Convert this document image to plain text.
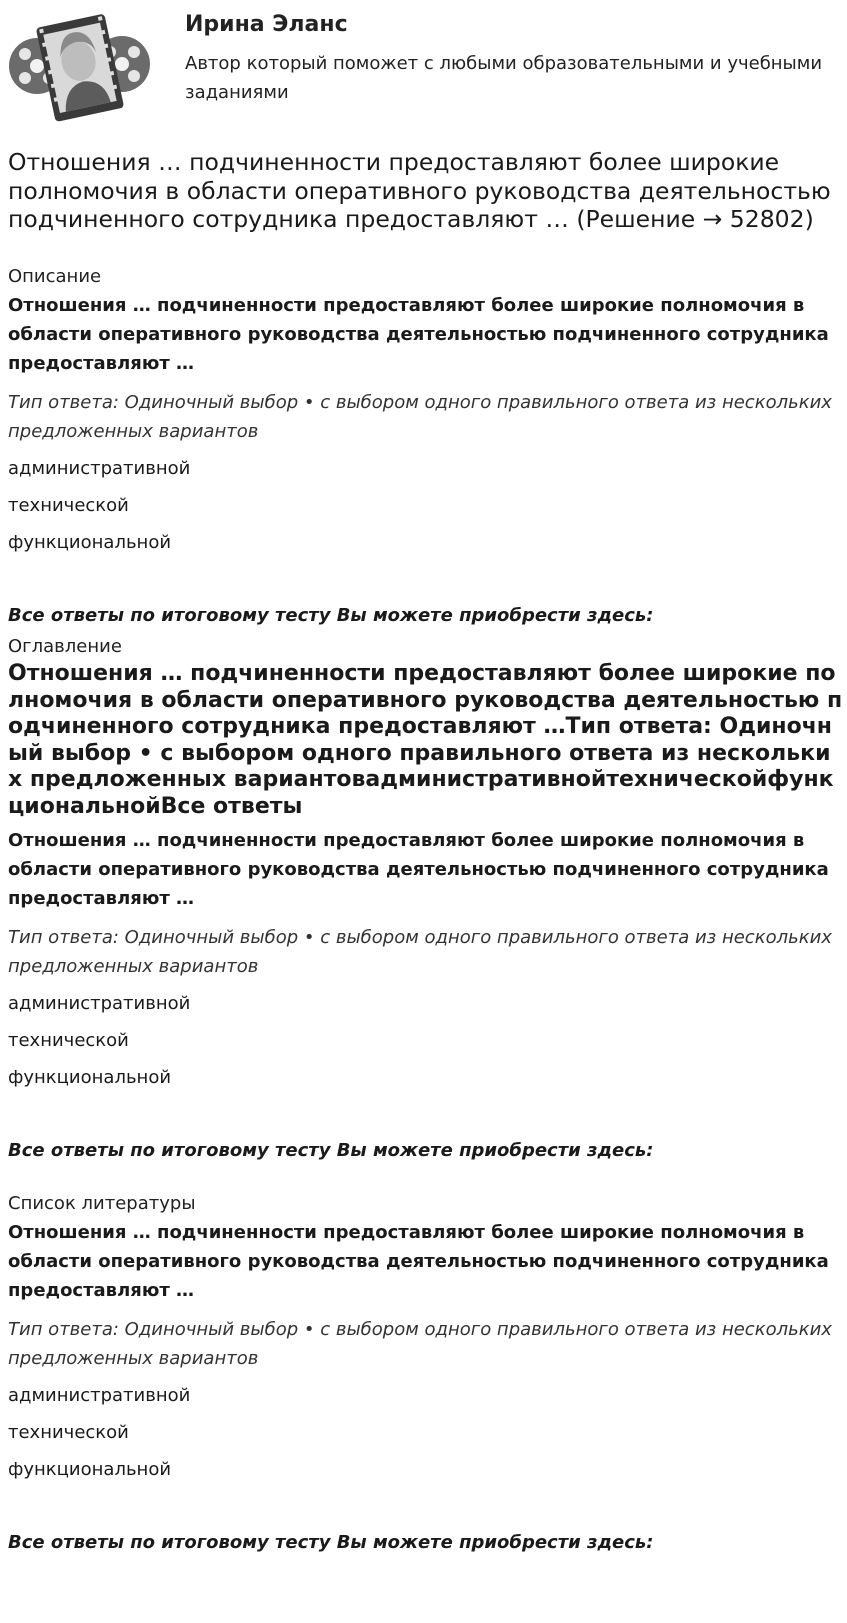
Ирина Эланс

Автор который поможет с любыми образовательными и учебными заданиями

Отношения … подчиненности предоставляют более широкие полномочия в области оперативного руководства деятельностью подчиненного сотрудника предоставляют … (Решение → 52802)

Описание

Отношения … подчиненности предоставляют более широкие полномочия в области оперативного руководства деятельностью подчиненного сотрудника предоставляют …

Тип ответа: Одиночный выбор • с выбором одного правильного ответа из нескольких предложенных вариантов

административной

технической

функциональной

Все ответы по итоговому тесту Вы можете приобрести здесь:

Оглавление

Отношения … подчиненности предоставляют более широкие полномочия в области оперативного руководства деятельностью подчиненного сотрудника предоставляют …Тип ответа: Одиночный выбор • с выбором одного правильного ответа из нескольких предложенных вариантовадминистративнойтехническойфункциональнойВсе ответы

Отношения … подчиненности предоставляют более широкие полномочия в области оперативного руководства деятельностью подчиненного сотрудника предоставляют …

Тип ответа: Одиночный выбор • с выбором одного правильного ответа из нескольких предложенных вариантов

административной

технической

функциональной

Все ответы по итоговому тесту Вы можете приобрести здесь:

Список литературы

Отношения … подчиненности предоставляют более широкие полномочия в области оперативного руководства деятельностью подчиненного сотрудника предоставляют …

Тип ответа: Одиночный выбор • с выбором одного правильного ответа из нескольких предложенных вариантов

административной

технической

функциональной

Все ответы по итоговому тесту Вы можете приобрести здесь:
